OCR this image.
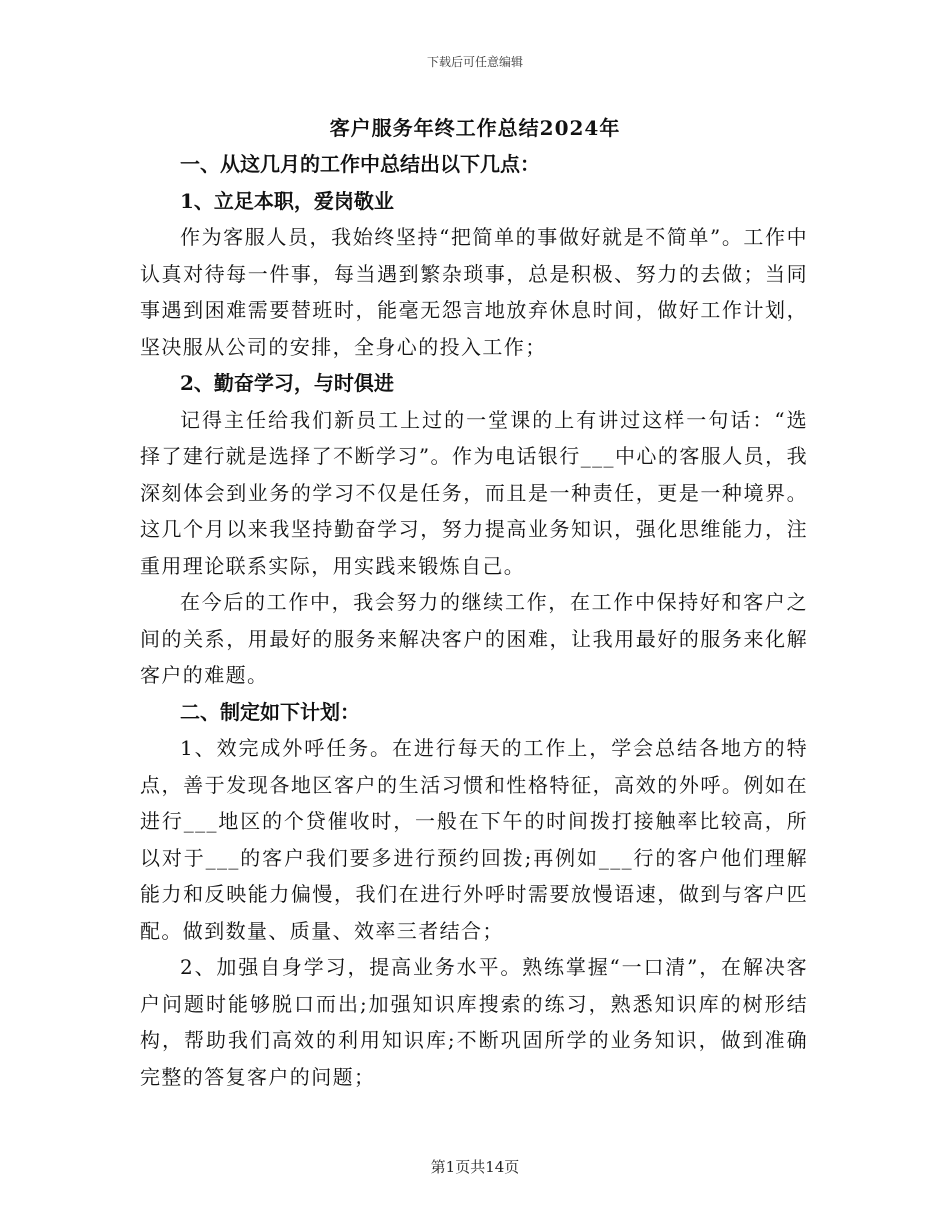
下载后可任意编辑
客户服务年终工作总结2024年

一、从这几月的工作中总结出以下几点：

1、立足本职，爱岗敬业

作为客服人员，我始终坚持“把简单的事做好就是不简单”。工作中认真对待每一件事，每当遇到繁杂琐事，总是积极、努力的去做；当同事遇到困难需要替班时，能毫无怨言地放弃休息时间，做好工作计划，坚决服从公司的安排，全身心的投入工作；

2、勤奋学习，与时俱进

记得主任给我们新员工上过的一堂课的上有讲过这样一句话：“选择了建行就是选择了不断学习”。作为电话银行___中心的客服人员，我深刻体会到业务的学习不仅是任务，而且是一种责任，更是一种境界。这几个月以来我坚持勤奋学习，努力提高业务知识，强化思维能力，注重用理论联系实际，用实践来锻炼自己。

在今后的工作中，我会努力的继续工作，在工作中保持好和客户之间的关系，用最好的服务来解决客户的困难，让我用最好的服务来化解客户的难题。

二、制定如下计划：

1、效完成外呼任务。在进行每天的工作上，学会总结各地方的特点，善于发现各地区客户的生活习惯和性格特征，高效的外呼。例如在进行___地区的个贷催收时，一般在下午的时间拨打接触率比较高，所以对于___的客户我们要多进行预约回拨;再例如___行的客户他们理解能力和反映能力偏慢，我们在进行外呼时需要放慢语速，做到与客户匹配。做到数量、质量、效率三者结合；

2、加强自身学习，提高业务水平。熟练掌握“一口清”，在解决客户问题时能够脱口而出;加强知识库搜索的练习，熟悉知识库的树形结构，帮助我们高效的利用知识库;不断巩固所学的业务知识，做到准确完整的答复客户的问题；

第1页共14页
